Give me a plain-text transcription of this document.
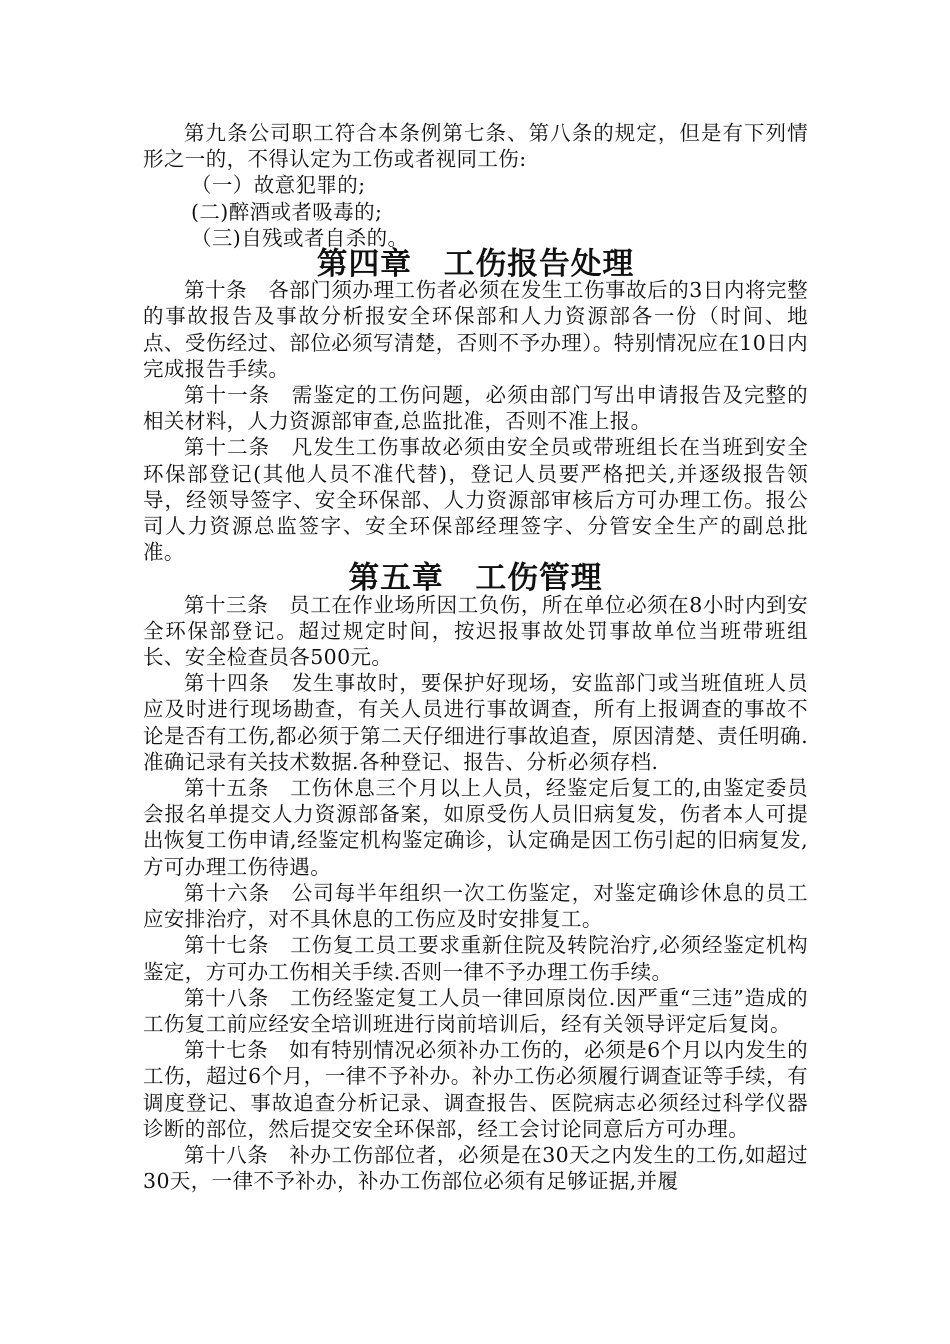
第九条公司职工符合本条例第七条、第八条的规定，但是有下列情形之一的，不得认定为工伤或者视同工伤:

（一）故意犯罪的;

(二)醉酒或者吸毒的;

（三)自残或者自杀的。

第四章　工伤报告处理

第十条　各部门须办理工伤者必须在发生工伤事故后的3日内将完整的事故报告及事故分析报安全环保部和人力资源部各一份（时间、地点、受伤经过、部位必须写清楚，否则不予办理）。特别情况应在10日内完成报告手续。

第十一条　需鉴定的工伤问题，必须由部门写出申请报告及完整的相关材料，人力资源部审查,总监批准，否则不准上报。

第十二条　凡发生工伤事故必须由安全员或带班组长在当班到安全环保部登记(其他人员不准代替)，登记人员要严格把关,并逐级报告领导，经领导签字、安全环保部、人力资源部审核后方可办理工伤。报公司人力资源总监签字、安全环保部经理签字、分管安全生产的副总批准。

第五章　工伤管理

第十三条　员工在作业场所因工负伤，所在单位必须在8小时内到安全环保部登记。超过规定时间，按迟报事故处罚事故单位当班带班组长、安全检查员各500元。

第十四条　发生事故时，要保护好现场，安监部门或当班值班人员应及时进行现场勘查，有关人员进行事故调查，所有上报调查的事故不论是否有工伤,都必须于第二天仔细进行事故追查，原因清楚、责任明确.准确记录有关技术数据.各种登记、报告、分析必须存档.

第十五条　工伤休息三个月以上人员，经鉴定后复工的,由鉴定委员会报名单提交人力资源部备案，如原受伤人员旧病复发，伤者本人可提出恢复工伤申请,经鉴定机构鉴定确诊，认定确是因工伤引起的旧病复发,方可办理工伤待遇。

第十六条　公司每半年组织一次工伤鉴定，对鉴定确诊休息的员工应安排治疗，对不具休息的工伤应及时安排复工。

第十七条　工伤复工员工要求重新住院及转院治疗,必须经鉴定机构鉴定，方可办工伤相关手续.否则一律不予办理工伤手续。

第十八条　工伤经鉴定复工人员一律回原岗位.因严重“三违”造成的工伤复工前应经安全培训班进行岗前培训后，经有关领导评定后复岗。

第十七条　如有特别情况必须补办工伤的，必须是6个月以内发生的工伤，超过6个月，一律不予补办。补办工伤必须履行调查证等手续，有调度登记、事故追查分析记录、调查报告、医院病志必须经过科学仪器诊断的部位，然后提交安全环保部，经工会讨论同意后方可办理。

第十八条　补办工伤部位者，必须是在30天之内发生的工伤,如超过30天，一律不予补办，补办工伤部位必须有足够证据,并履
